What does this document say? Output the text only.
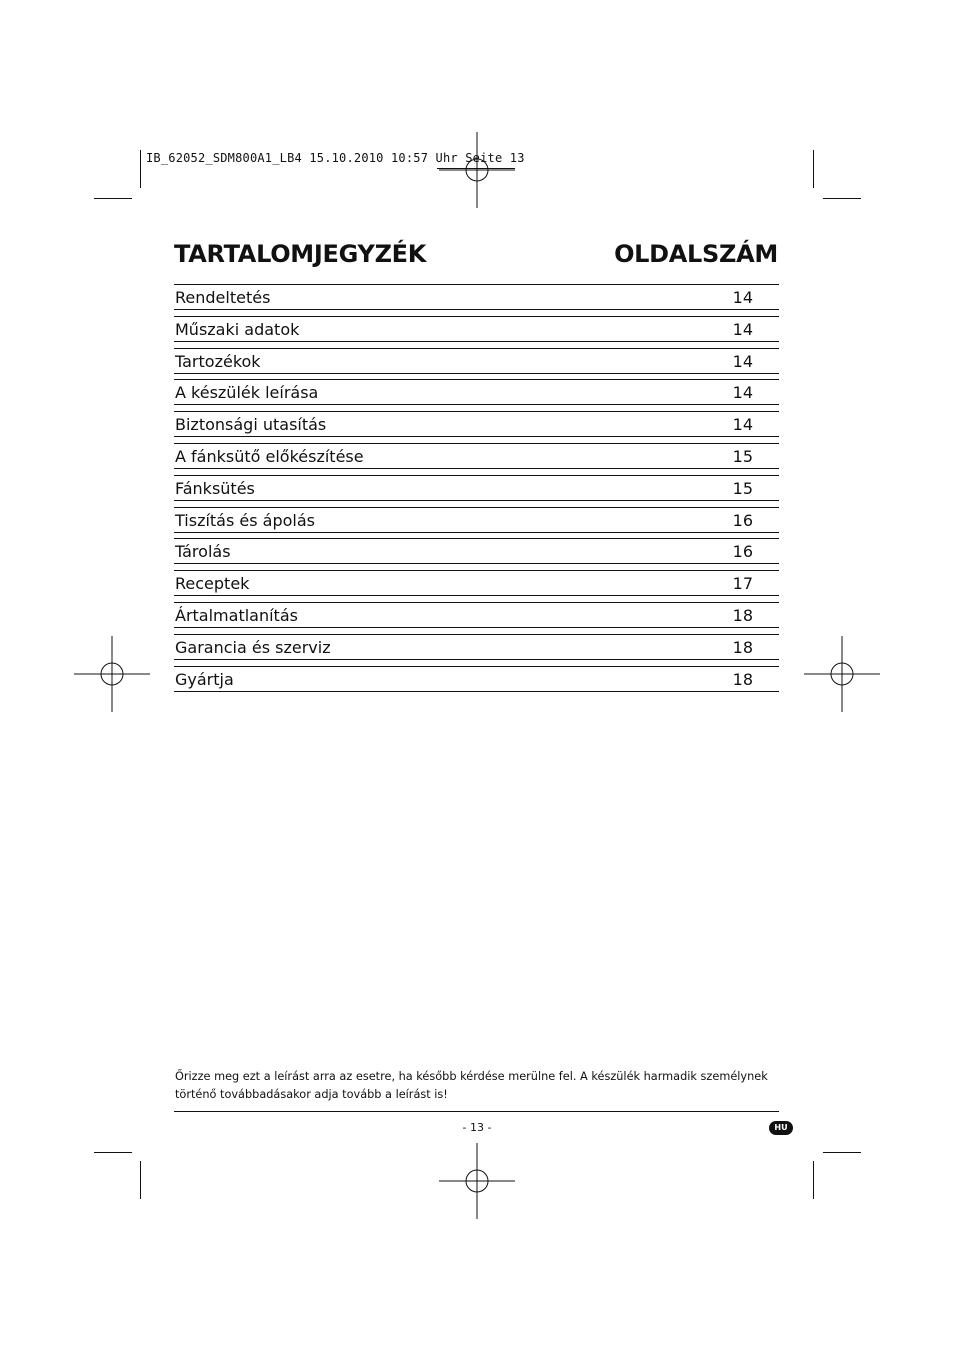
IB_62052_SDM800A1_LB4 15.10.2010 10:57 Uhr Seite 13
TARTALOMJEGYZÉK	OLDALSZÁM
Rendeltetés	14
Műszaki adatok	14
Tartozékok	14
A készülék leírása	14
Biztonsági utasítás	14
A fánksütő előkészítése	15
Fánksütés	15
Tiszítás és ápolás	16
Tárolás	16
Receptek	17
Ártalmatlanítás	18
Garancia és szerviz	18
Gyártja	18
Őrizze meg ezt a leírást arra az esetre, ha később kérdése merülne fel. A készülék harmadik személynek
történő továbbadásakor adja tovább a leírást is!
- 13 -	HU
